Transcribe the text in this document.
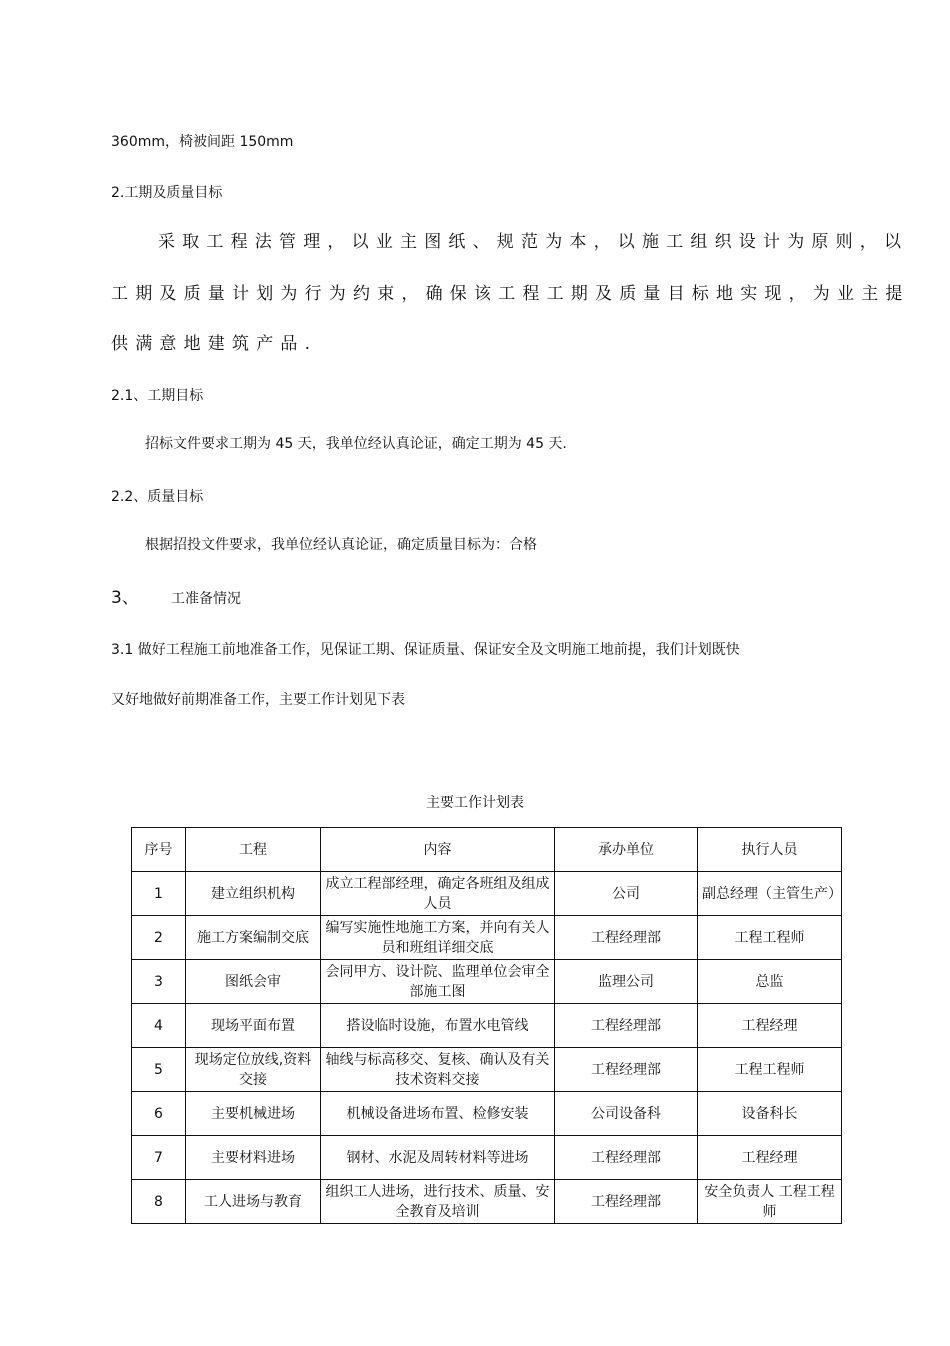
360mm，椅被间距 150mm
2.工期及质量目标
采取工程法管理，以业主图纸、规范为本，以施工组织设计为原则，以
工期及质量计划为行为约束，确保该工程工期及质量目标地实现，为业主提
供满意地建筑产品.
2.1、工期目标
招标文件要求工期为 45 天，我单位经认真论证，确定工期为 45 天.
2.2、质量目标
根据招投文件要求，我单位经认真论证，确定质量目标为：合格
3、 工准备情况
3.1 做好工程施工前地准备工作，见保证工期、保证质量、保证安全及文明施工地前提，我们计划既快
又好地做好前期准备工作，主要工作计划见下表
主要工作计划表
序号	工程	内容	承办单位	执行人员
1	建立组织机构	成立工程部经理，确定各班组及组成人员	公司	副总经理（主管生产）
2	施工方案编制交底	编写实施性地施工方案，并向有关人员和班组详细交底	工程经理部	工程工程师
3	图纸会审	会同甲方、设计院、监理单位会审全部施工图	监理公司	总监
4	现场平面布置	搭设临时设施，布置水电管线	工程经理部	工程经理
5	现场定位放线,资料交接	轴线与标高移交、复核、确认及有关技术资料交接	工程经理部	工程工程师
6	主要机械进场	机械设备进场布置、检修安装	公司设备科	设备科长
7	主要材料进场	钢材、水泥及周转材料等进场	工程经理部	工程经理
8	工人进场与教育	组织工人进场，进行技术、质量、安全教育及培训	工程经理部	安全负责人 工程工程师
